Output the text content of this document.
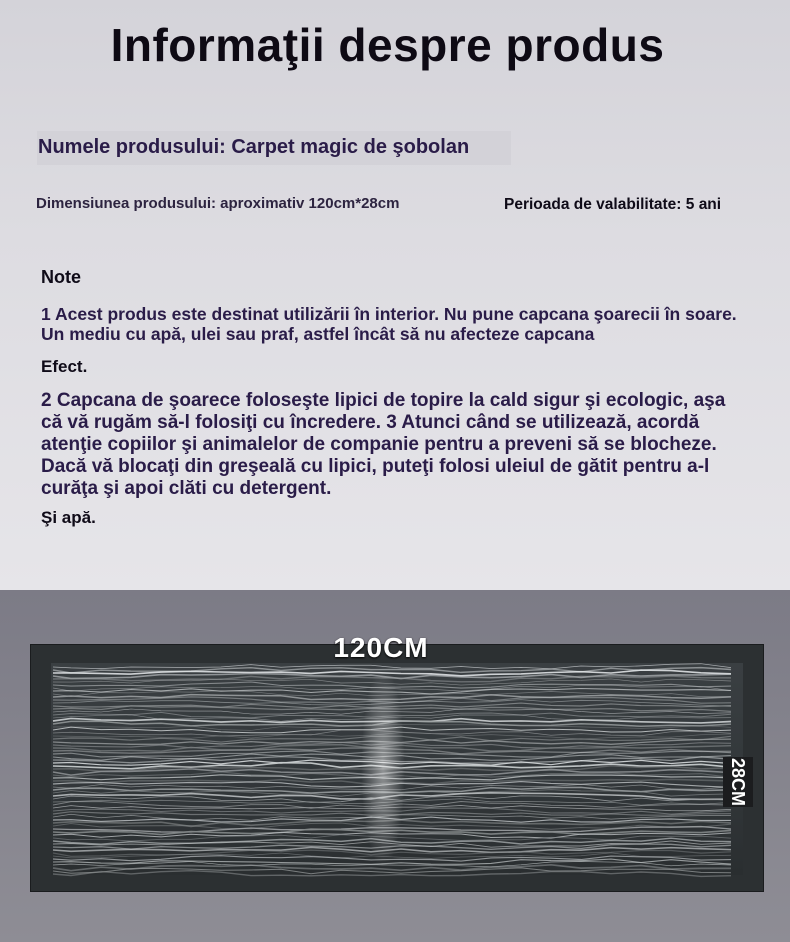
Informaţii despre produs
Numele produsului: Carpet magic de şobolan
Dimensiunea produsului: aproximativ 120cm*28cm	Perioada de valabilitate: 5 ani
Note
1 Acest produs este destinat utilizării în interior. Nu pune capcana şoarecii în soare. Un mediu cu apă, ulei sau praf, astfel încât să nu afecteze capcana
Efect.
2 Capcana de şoarece foloseşte lipici de topire la cald sigur şi ecologic, aşa că vă rugăm să-l folosiţi cu încredere. 3 Atunci când se utilizează, acordă atenţie copiilor şi animalelor de companie pentru a preveni să se blocheze. Dacă vă blocaţi din greşeală cu lipici, puteţi folosi uleiul de gătit pentru a-l curăţa şi apoi clăti cu detergent.
Şi apă.
120CM
28CM
